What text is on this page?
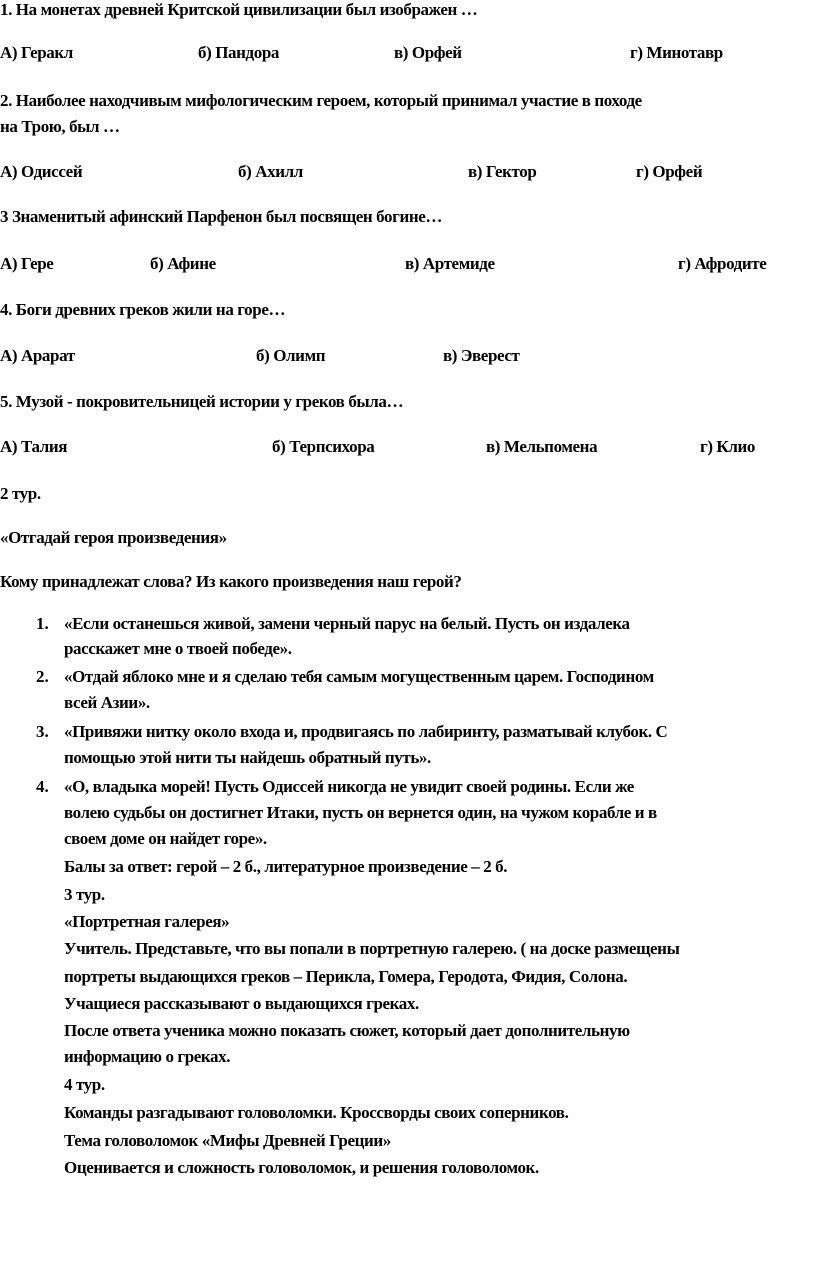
1. На монетах древней Критской цивилизации был изображен …
А) Геракл	б) Пандора	в) Орфей	г) Минотавр
2. Наиболее находчивым мифологическим героем, который принимал участие в походе
на Трою, был …
А) Одиссей	б) Ахилл	в) Гектор	г) Орфей
3 Знаменитый афинский Парфенон был посвящен богине…
А) Гере	б) Афине	в) Артемиде	г) Афродите
4. Боги древних греков жили на горе…
А) Арарат	б) Олимп	в) Эверест
5. Музой - покровительницей истории у греков была…
А) Талия	б) Терпсихора	в) Мельпомена	г) Клио
2 тур.
«Отгадай героя произведения»
Кому принадлежат слова? Из какого произведения наш герой?
1. «Если останешься живой, замени черный парус на белый. Пусть он издалека
расскажет мне о твоей победе».
2. «Отдай яблоко мне и я сделаю тебя самым могущественным царем. Господином
всей Азии».
3. «Привяжи нитку около входа и, продвигаясь по лабиринту, разматывай клубок. С
помощью этой нити ты найдешь обратный путь».
4. «О, владыка морей! Пусть Одиссей никогда не увидит своей родины. Если же
волею судьбы он достигнет Итаки, пусть он вернется один, на чужом корабле и в
своем доме он найдет горе».
Балы за ответ: герой – 2 б., литературное произведение – 2 б.
3 тур.
«Портретная галерея»
Учитель. Представьте, что вы попали в портретную галерею. ( на доске размещены
портреты выдающихся греков – Перикла, Гомера, Геродота, Фидия, Солона.
Учащиеся рассказывают о выдающихся греках.
После ответа ученика можно показать сюжет, который дает дополнительную
информацию о греках.
4 тур.
Команды разгадывают головоломки. Кроссворды своих соперников.
Тема головоломок «Мифы Древней Греции»
Оценивается и сложность головоломок, и решения головоломок.
